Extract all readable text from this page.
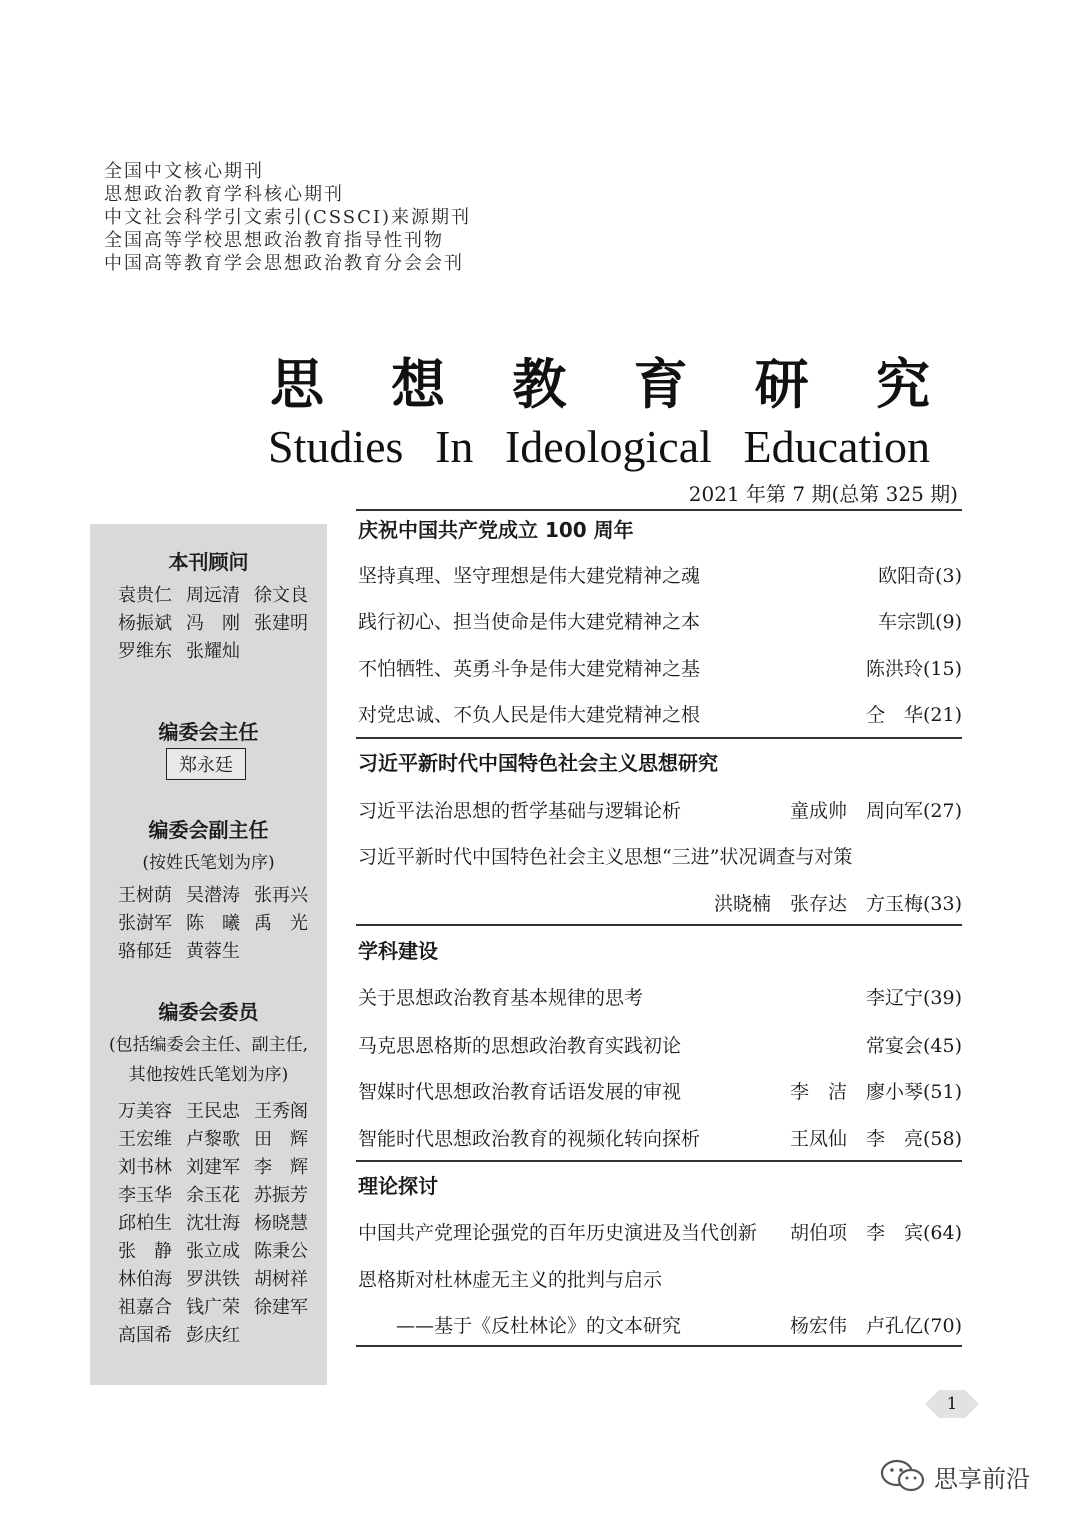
全国中文核心期刊
思想政治教育学科核心期刊
中文社会科学引文索引(CSSCI)来源期刊
全国高等学校思想政治教育指导性刊物
中国高等教育学会思想政治教育分会会刊
思 想 教 育 研 究
Studies In Ideological Education
2021 年第 7 期(总第 325 期)
本刊顾问
袁贵仁 周远清 徐文良
杨振斌 冯　刚 张建明
罗维东 张耀灿
编委会主任
郑永廷
编委会副主任
(按姓氏笔划为序)
王树荫 吴潜涛 张再兴
张澍军 陈　曦 禹　光
骆郁廷 黄蓉生
编委会委员
(包括编委会主任、副主任,
其他按姓氏笔划为序)
万美容 王民忠 王秀阁
王宏维 卢黎歌 田　辉
刘书林 刘建军 李　辉
李玉华 余玉花 苏振芳
邱柏生 沈壮海 杨晓慧
张　静 张立成 陈秉公
林伯海 罗洪铁 胡树祥
祖嘉合 钱广荣 徐建军
高国希 彭庆红
庆祝中国共产党成立 100 周年
坚持真理、坚守理想是伟大建党精神之魂	欧阳奇(3)
践行初心、担当使命是伟大建党精神之本	车宗凯(9)
不怕牺牲、英勇斗争是伟大建党精神之基	陈洪玲(15)
对党忠诚、不负人民是伟大建党精神之根	仝　华(21)
习近平新时代中国特色社会主义思想研究
习近平法治思想的哲学基础与逻辑论析	童成帅　周向军(27)
习近平新时代中国特色社会主义思想“三进”状况调查与对策
洪晓楠　张存达　方玉梅(33)
学科建设
关于思想政治教育基本规律的思考	李辽宁(39)
马克思恩格斯的思想政治教育实践初论	常宴会(45)
智媒时代思想政治教育话语发展的审视	李　洁　廖小琴(51)
智能时代思想政治教育的视频化转向探析	王凤仙　李　亮(58)
理论探讨
中国共产党理论强党的百年历史演进及当代创新 胡伯项　李　宾(64)
恩格斯对杜林虚无主义的批判与启示
　　——基于《反杜林论》的文本研究	杨宏伟　卢孔亿(70)
1
思享前沿
